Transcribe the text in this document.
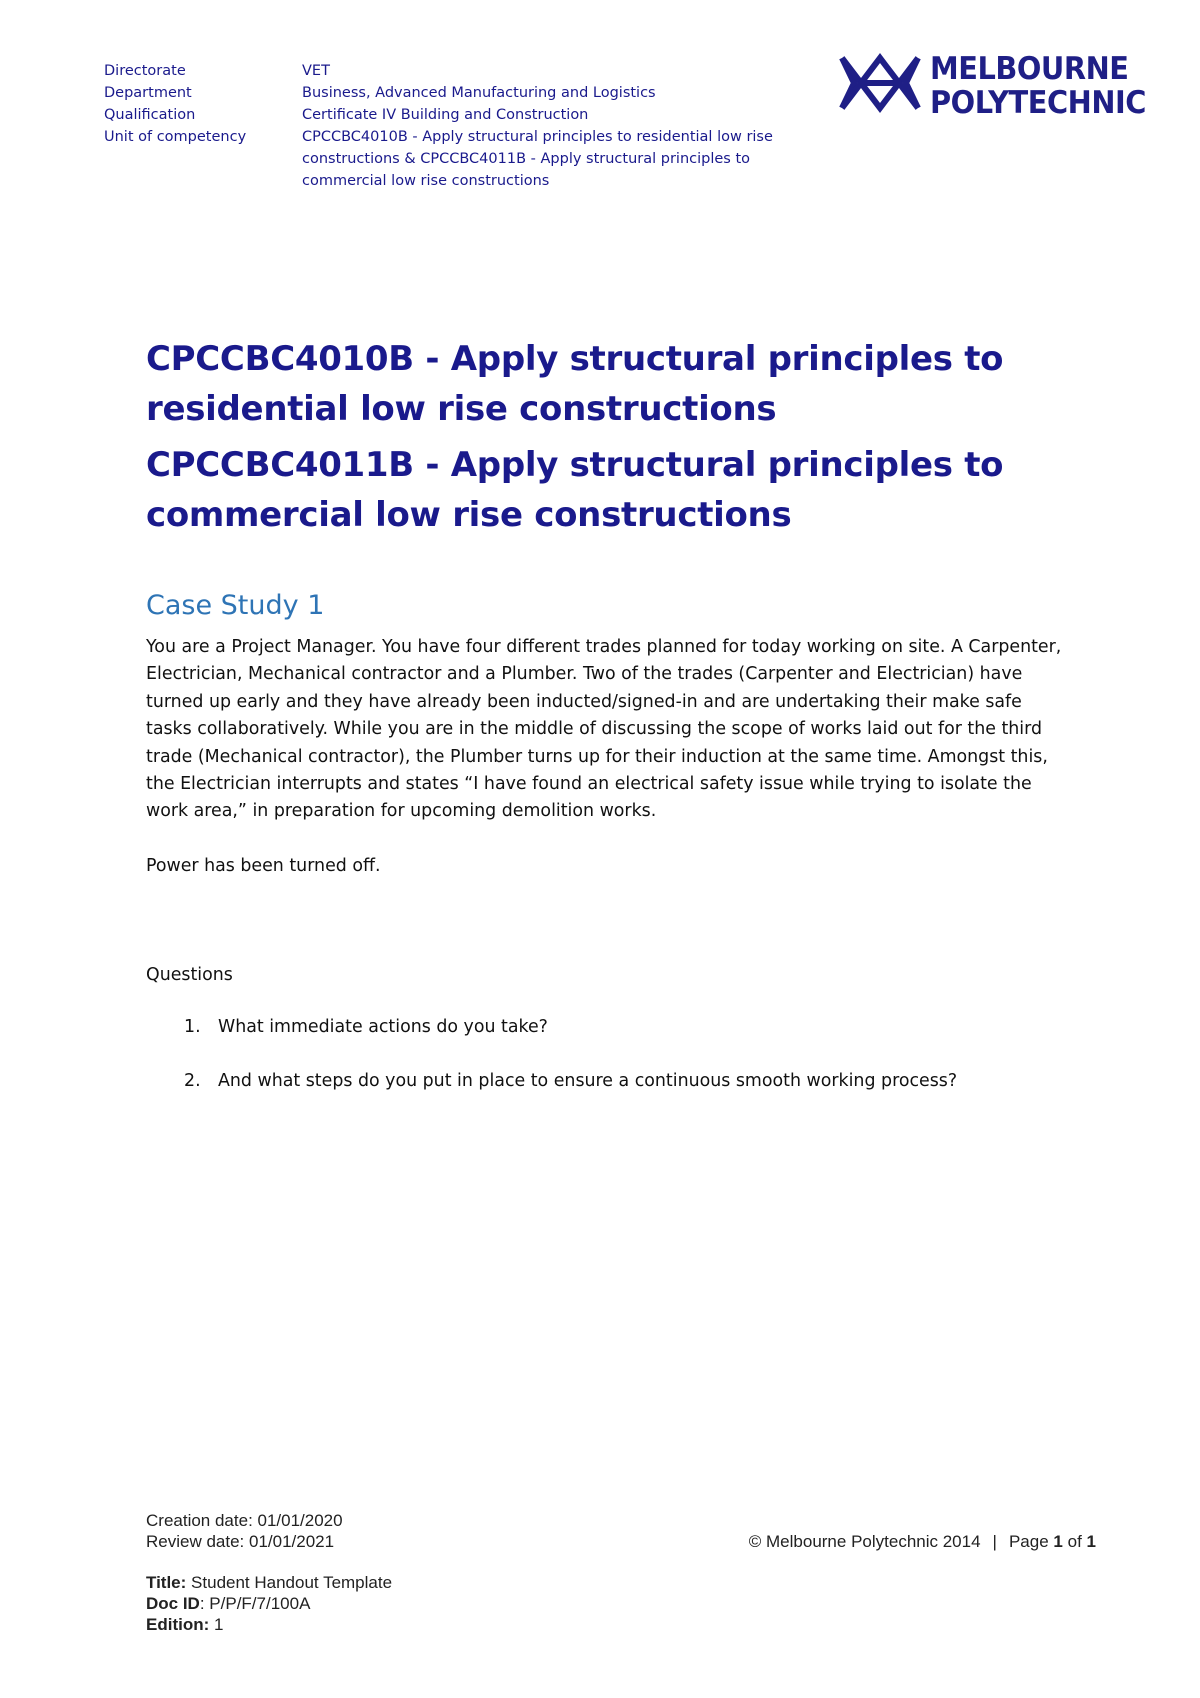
Directorate	VET
Department	Business, Advanced Manufacturing and Logistics
Qualification	Certificate IV Building and Construction
Unit of competency	CPCCBC4010B - Apply structural principles to residential low rise constructions & CPCCBC4011B - Apply structural principles to commercial low rise constructions
MELBOURNE
POLYTECHNIC
CPCCBC4010B - Apply structural principles to residential low rise constructions
CPCCBC4011B - Apply structural principles to commercial low rise constructions
Case Study 1

You are a Project Manager. You have four different trades planned for today working on site. A Carpenter, Electrician, Mechanical contractor and a Plumber. Two of the trades (Carpenter and Electrician) have turned up early and they have already been inducted/signed-in and are undertaking their make safe tasks collaboratively. While you are in the middle of discussing the scope of works laid out for the third trade (Mechanical contractor), the Plumber turns up for their induction at the same time. Amongst this, the Electrician interrupts and states “I have found an electrical safety issue while trying to isolate the work area,” in preparation for upcoming demolition works.

Power has been turned off.

Questions
1.	What immediate actions do you take?
2.	And what steps do you put in place to ensure a continuous smooth working process?
Creation date: 01/01/2020
Review date: 01/01/2021	© Melbourne Polytechnic 2014 | Page 1 of 1
Title: Student Handout Template
Doc ID: P/P/F/7/100A
Edition: 1
